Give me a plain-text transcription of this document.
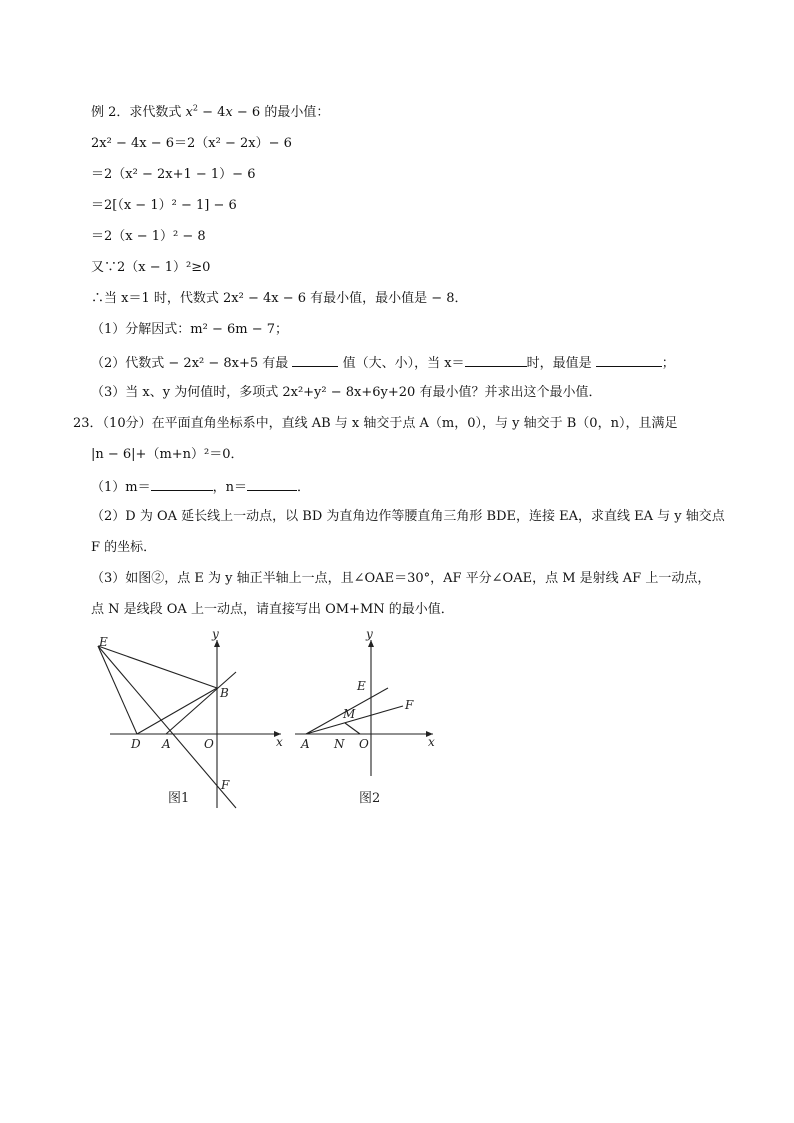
例 2．求代数式 $x^2 - 4x - 6$ 的最小值：
2x² − 4x − 6＝2（x² − 2x）− 6
＝2（x² − 2x+1 − 1）− 6
＝2[（x − 1）² − 1] − 6
＝2（x − 1）² − 8
又∵2（x − 1）²≥0
∴当 x＝1 时，代数式 2x² − 4x − 6 有最小值，最小值是 − 8．
（1）分解因式：m² − 6m − 7；
（2）代数式 − 2x² − 8x+5 有最	值（大、小），当 x＝	时，最值是	；
（3）当 x、y 为何值时，多项式 2x²+y² − 8x+6y+20 有最小值？并求出这个最小值．
23．（10分）在平面直角坐标系中，直线 AB 与 x 轴交于点 A（m，0），与 y 轴交于 B（0，n），且满足
|n − 6|+（m+n）²＝0．
（1）m＝	，n＝	．
（2）D 为 OA 延长线上一动点，以 BD 为直角边作等腰直角三角形 BDE，连接 EA，求直线 EA 与 y 轴交点
F 的坐标．
（3）如图②，点 E 为 y 轴正半轴上一点，且∠OAE＝30°，AF 平分∠OAE，点 M 是射线 AF 上一动点，
点 N 是线段 OA 上一动点，请直接写出 OM+MN 的最小值．
E
B
D A	O
F
x
y
图1
E
M
F
A N O	x
y
图2
